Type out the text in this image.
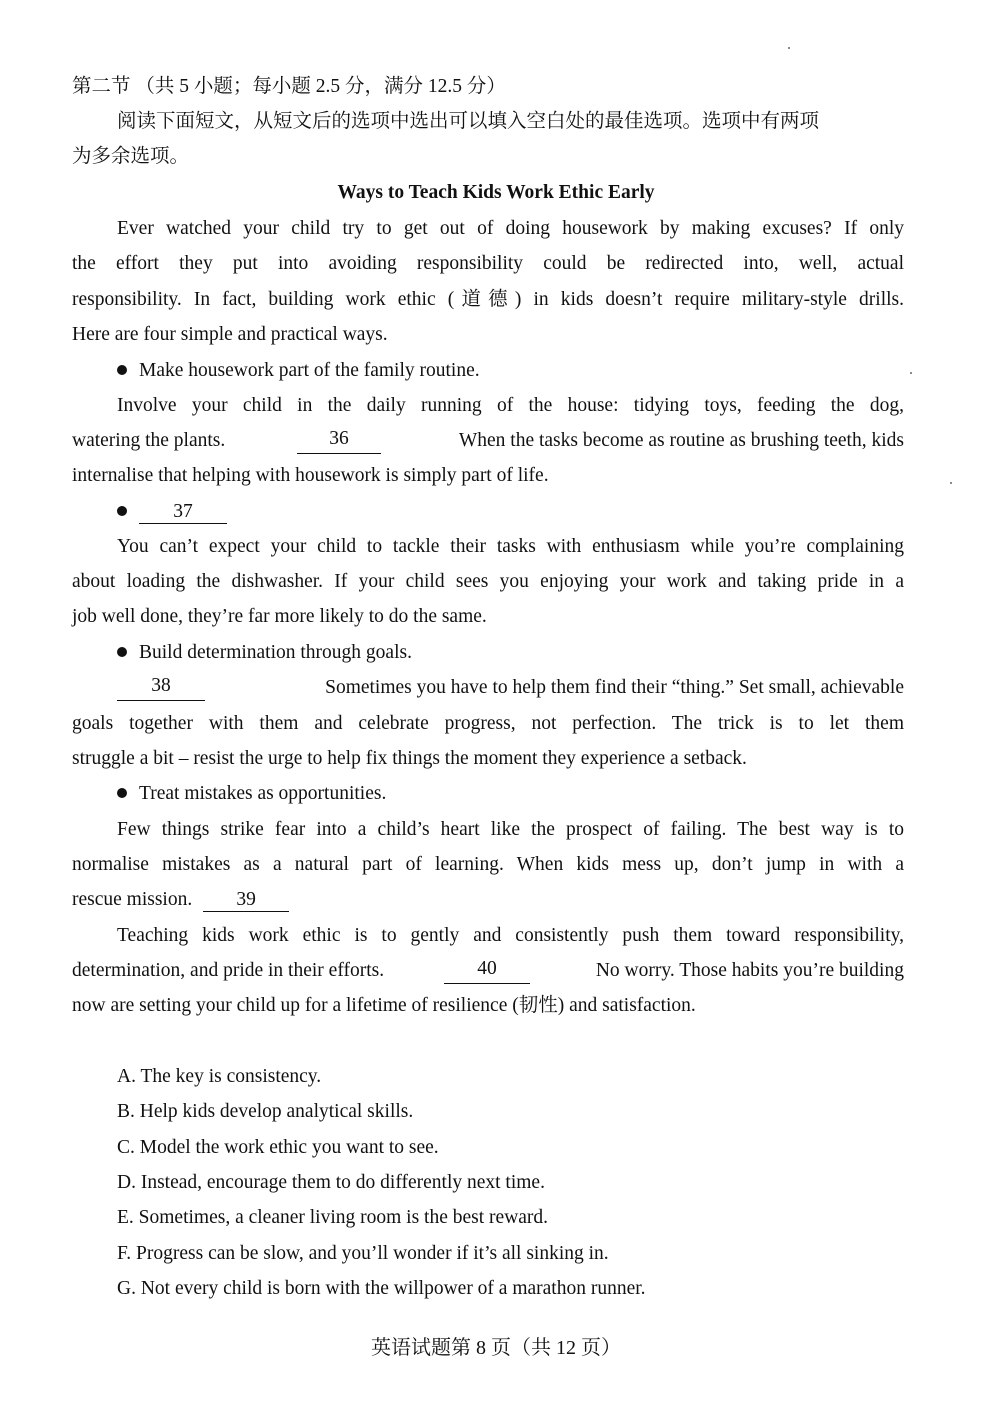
第二节 （共 5 小题；每小题 2.5 分，满分 12.5 分）
阅读下面短文，从短文后的选项中选出可以填入空白处的最佳选项。选项中有两项
为多余选项。
Ways to Teach Kids Work Ethic Early
Ever watched your child try to get out of doing housework by making excuses? If only
the effort they put into avoiding responsibility could be redirected into, well, actual
responsibility. In fact, building work ethic (道德) in kids doesn’t require military-style drills.
Here are four simple and practical ways.
Make housework part of the family routine.
Involve your child in the daily running of the house: tidying toys, feeding the dog,
watering the plants.	36	When the tasks become as routine as brushing teeth, kids
internalise that helping with housework is simply part of life.
37
You can’t expect your child to tackle their tasks with enthusiasm while you’re complaining
about loading the dishwasher. If your child sees you enjoying your work and taking pride in a
job well done, they’re far more likely to do the same.
Build determination through goals.
38	Sometimes you have to help them find their “thing.” Set small, achievable
goals together with them and celebrate progress, not perfection. The trick is to let them
struggle a bit – resist the urge to help fix things the moment they experience a setback.
Treat mistakes as opportunities.
Few things strike fear into a child’s heart like the prospect of failing. The best way is to
normalise mistakes as a natural part of learning. When kids mess up, don’t jump in with a
rescue mission. 39
Teaching kids work ethic is to gently and consistently push them toward responsibility,
determination, and pride in their efforts.	40	No worry. Those habits you’re building
now are setting your child up for a lifetime of resilience (韧性) and satisfaction.
A. The key is consistency.
B. Help kids develop analytical skills.
C. Model the work ethic you want to see.
D. Instead, encourage them to do differently next time.
E. Sometimes, a cleaner living room is the best reward.
F. Progress can be slow, and you’ll wonder if it’s all sinking in.
G. Not every child is born with the willpower of a marathon runner.
英语试题第 8 页（共 12 页）
